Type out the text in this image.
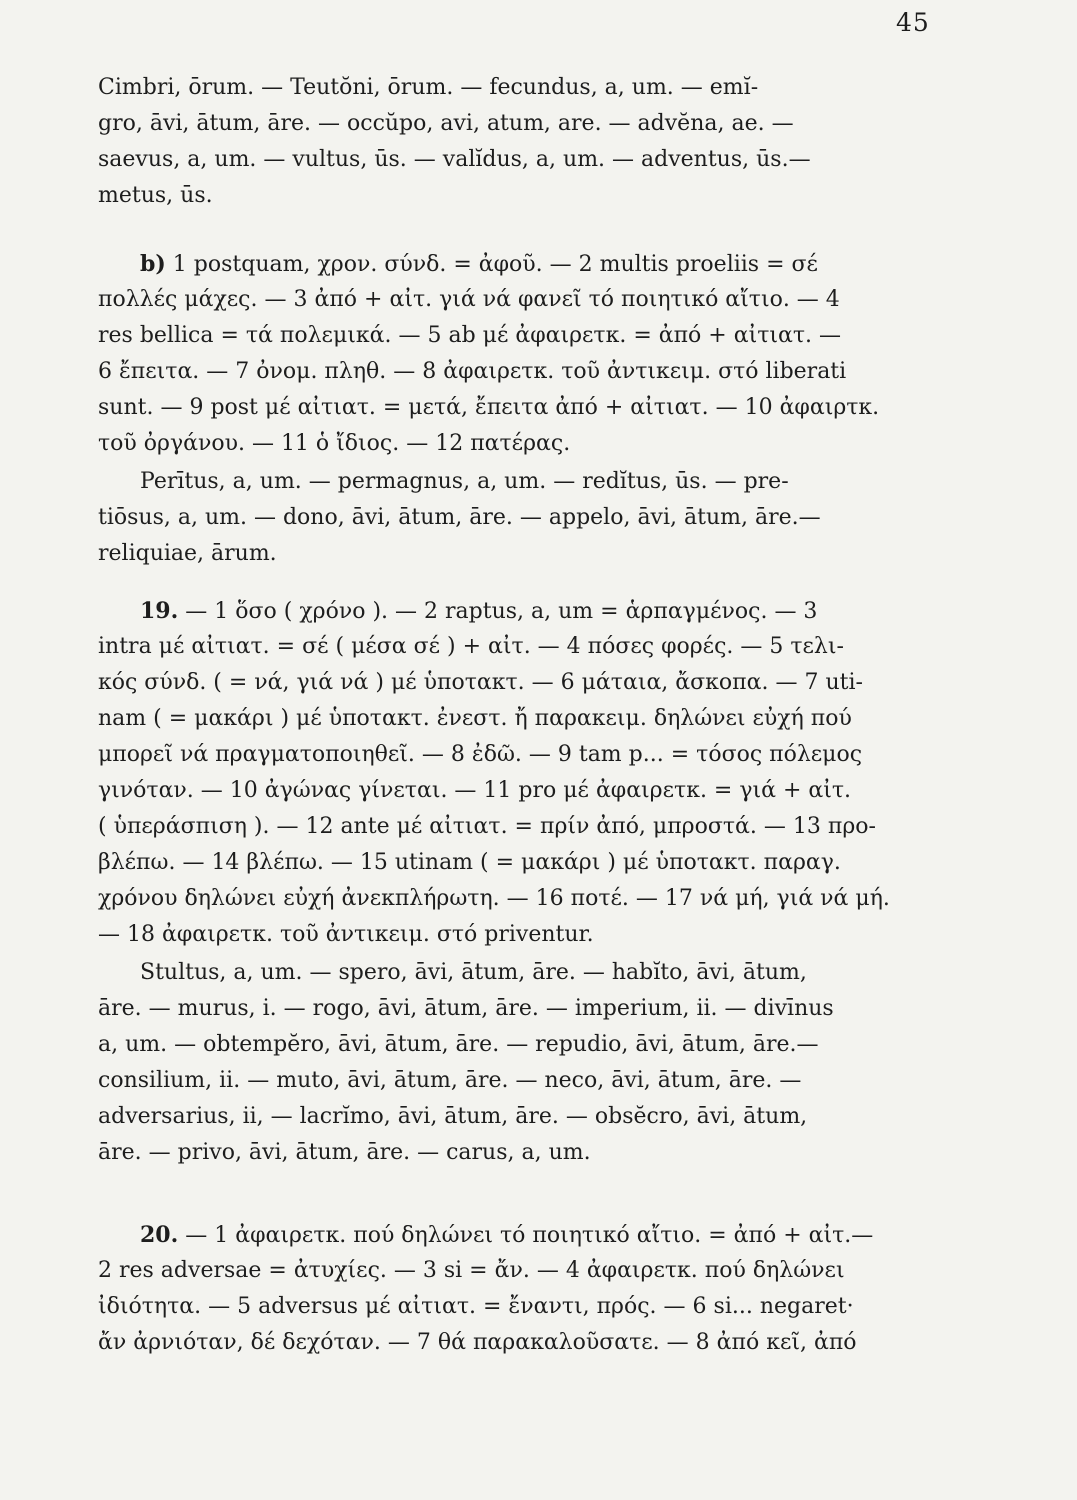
45
Cimbri, ōrum. — Teutŏni, ōrum. — fecundus, a, um. — emĭ-
gro, āvi, ātum, āre. — occŭpo, avi, atum, are. — advĕna, ae. —
saevus, a, um. — vultus, ūs. — valĭdus, a, um. — adventus, ūs.—
metus, ūs.
b) 1 postquam, χρον. σύνδ. = ἀφοῦ. — 2 multis proeliis = σέ
πολλές μάχες. — 3 ἀπό + αἰτ. γιά νά φανεῖ τό ποιητικό αἴτιο. — 4
res bellica = τά πολεμικά. — 5 ab μέ ἀφαιρετκ. = ἀπό + αἰτιατ. —
6 ἔπειτα. — 7 ὀνομ. πληθ. — 8 ἀφαιρετκ. τοῦ ἀντικειμ. στό liberati
sunt. — 9 post μέ αἰτιατ. = μετά, ἔπειτα ἀπό + αἰτιατ. — 10 ἀφαιρτκ.
τοῦ ὀργάνου. — 11 ὁ ἴδιος. — 12 πατέρας.
Perītus, a, um. — permagnus, a, um. — redĭtus, ūs. — pre-
tiōsus, a, um. — dono, āvi, ātum, āre. — appelo, āvi, ātum, āre.—
reliquiae, ārum.
19. — 1 ὅσο ( χρόνο ). — 2 raptus, a, um = ἁρπαγμένος. — 3
intra μέ αἰτιατ. = σέ ( μέσα σέ ) + αἰτ. — 4 πόσες φορές. — 5 τελι-
κός σύνδ. ( = νά, γιά νά ) μέ ὑποτακτ. — 6 μάταια, ἄσκοπα. — 7 uti-
nam ( = μακάρι ) μέ ὑποτακτ. ἐνεστ. ἤ παρακειμ. δηλώνει εὐχή πού
μπορεῖ νά πραγματοποιηθεῖ. — 8 ἐδῶ. — 9 tam p... = τόσος πόλεμος
γινόταν. — 10 ἀγώνας γίνεται. — 11 pro μέ ἀφαιρετκ. = γιά + αἰτ.
( ὑπεράσπιση ). — 12 ante μέ αἰτιατ. = πρίν ἀπό, μπροστά. — 13 προ-
βλέπω. — 14 βλέπω. — 15 utinam ( = μακάρι ) μέ ὑποτακτ. παραγ.
χρόνου δηλώνει εὐχή ἀνεκπλήρωτη. — 16 ποτέ. — 17 νά μή, γιά νά μή.
— 18 ἀφαιρετκ. τοῦ ἀντικειμ. στό priventur.
Stultus, a, um. — spero, āvi, ātum, āre. — habĭto, āvi, ātum,
āre. — murus, i. — rogo, āvi, ātum, āre. — imperium, ii. — divīnus
a, um. — obtempĕro, āvi, ātum, āre. — repudio, āvi, ātum, āre.—
consilium, ii. — muto, āvi, ātum, āre. — neco, āvi, ātum, āre. —
adversarius, ii, — lacrĭmo, āvi, ātum, āre. — obsĕcro, āvi, ātum,
āre. — privo, āvi, ātum, āre. — carus, a, um.
20. — 1 ἀφαιρετκ. πού δηλώνει τό ποιητικό αἴτιο. = ἀπό + αἰτ.—
2 res adversae = ἀτυχίες. — 3 si = ἄν. — 4 ἀφαιρετκ. πού δηλώνει
ἰδιότητα. — 5 adversus μέ αἰτιατ. = ἔναντι, πρός. — 6 si... negaret·
ἄν ἀρνιόταν, δέ δεχόταν. — 7 θά παρακαλοῦσατε. — 8 ἀπό κεῖ, ἀπό
